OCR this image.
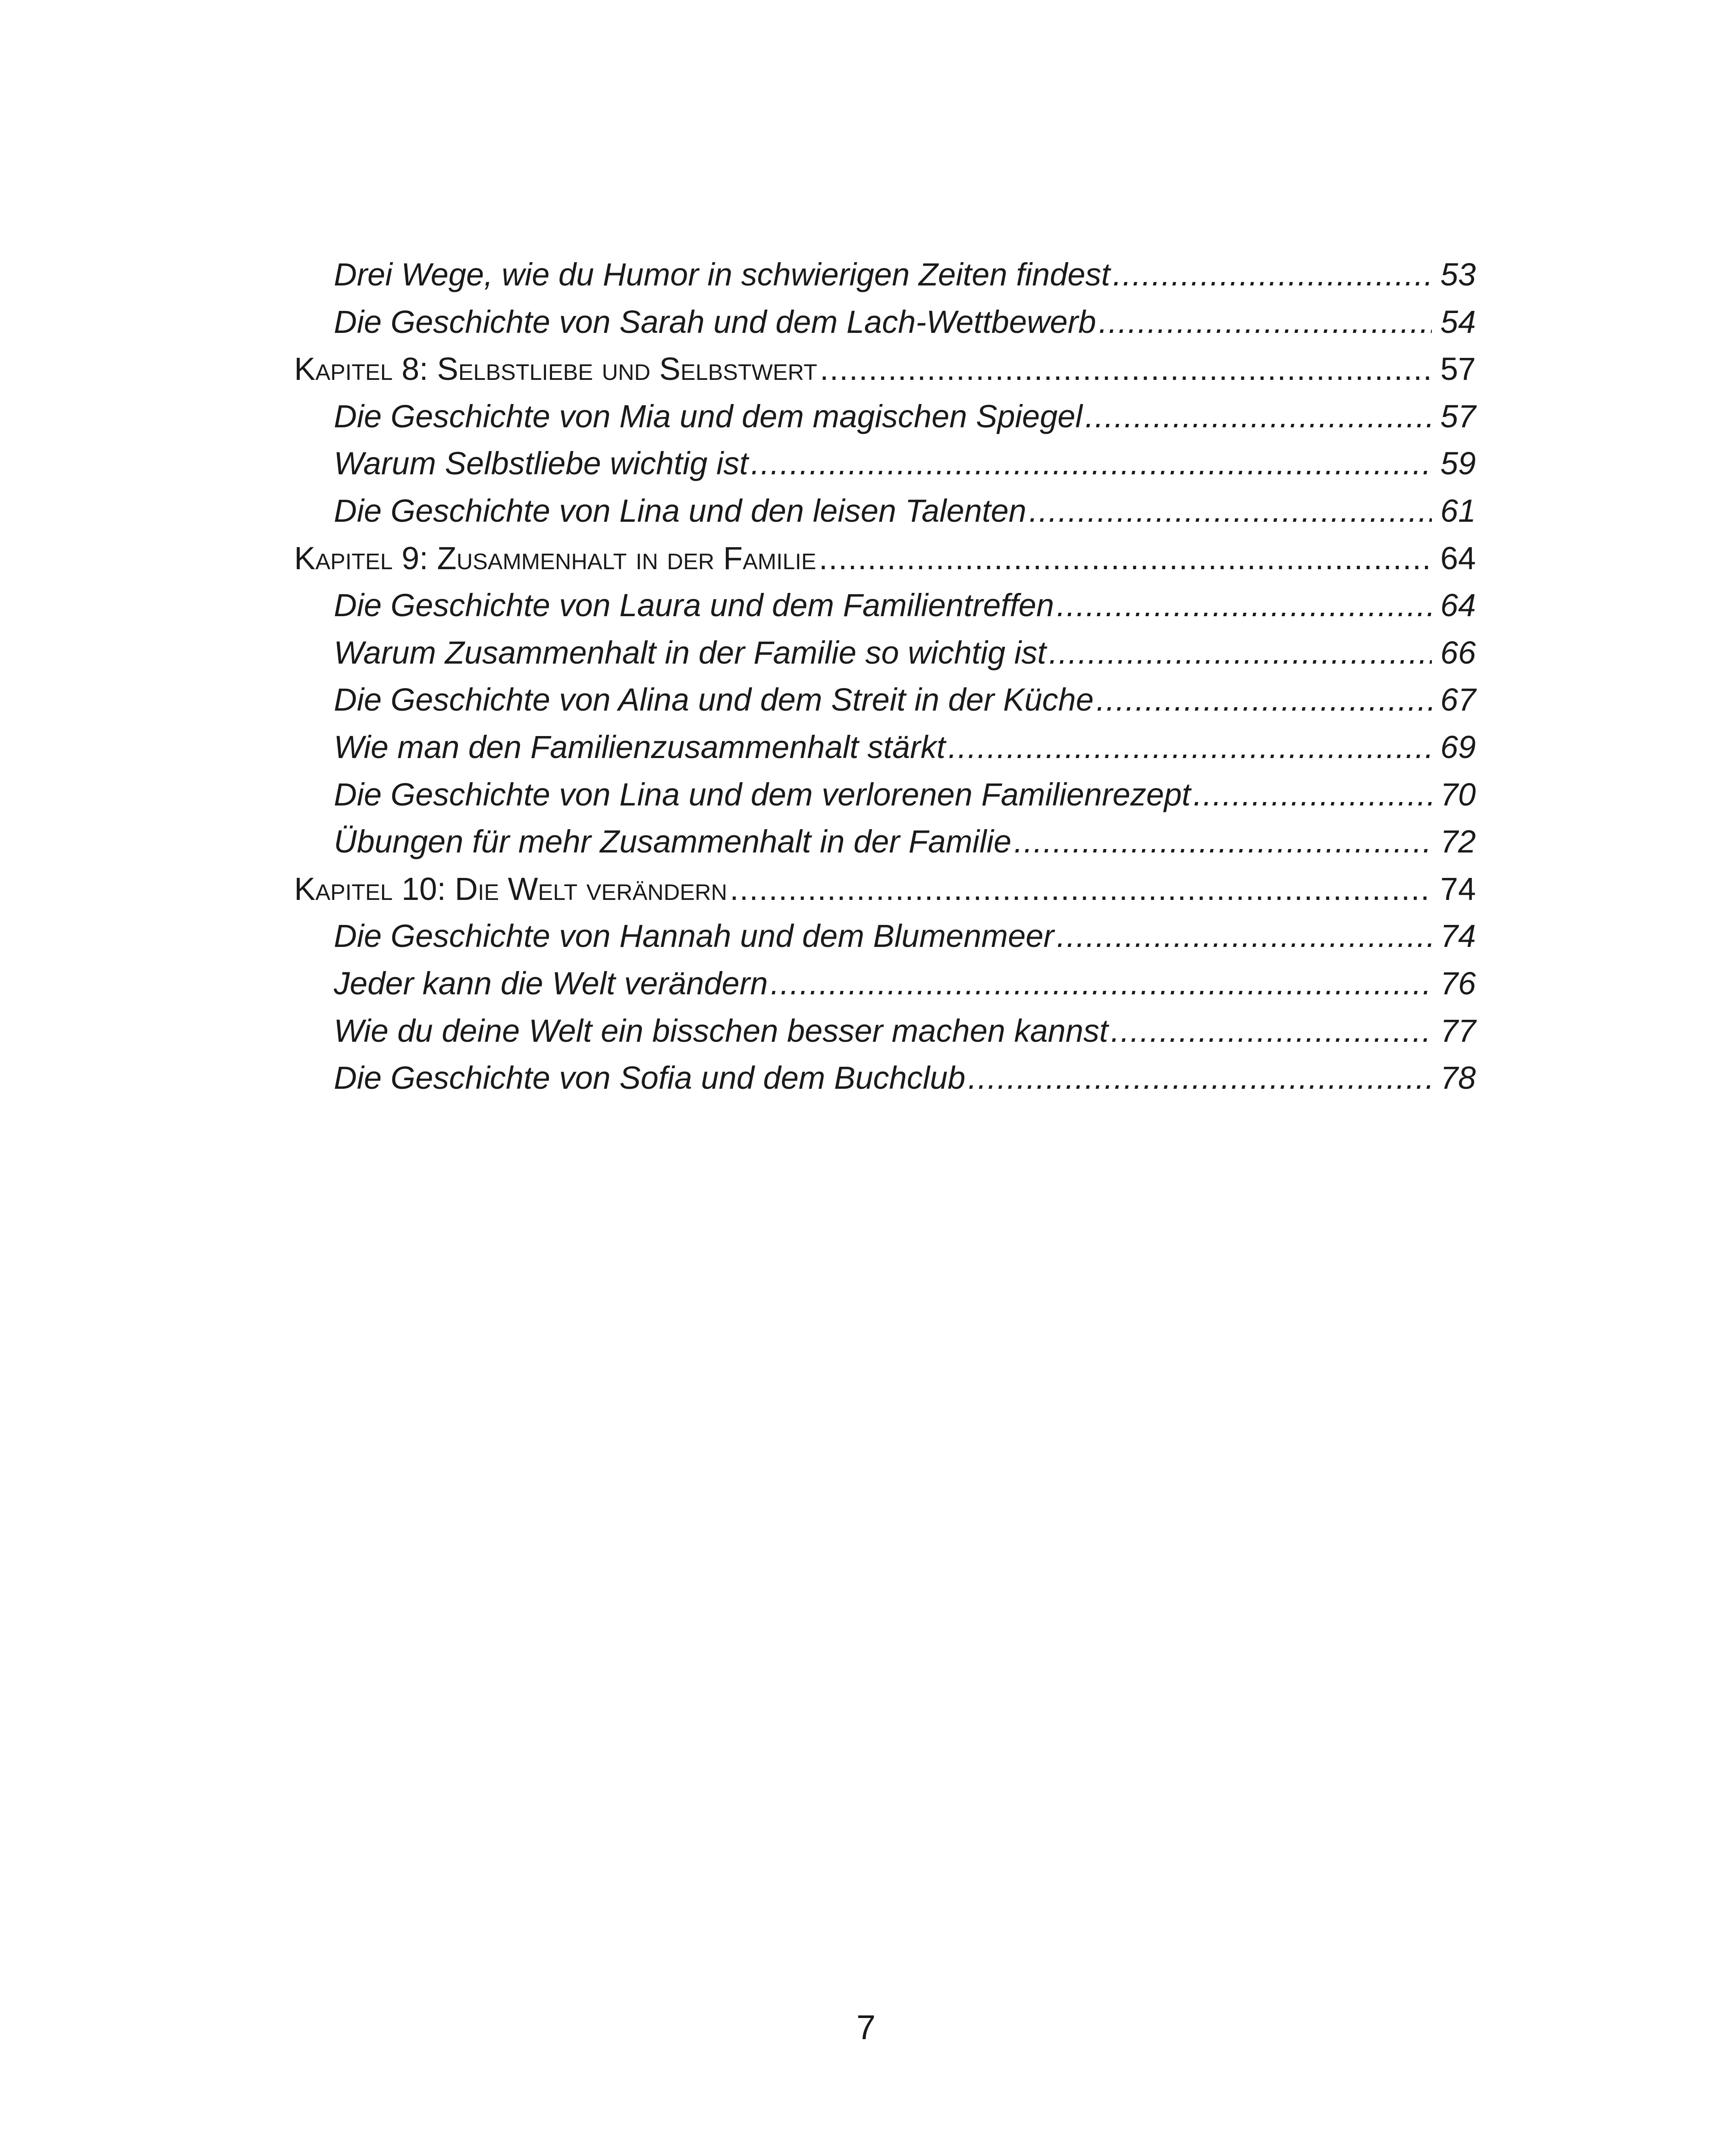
Drei Wege, wie du Humor in schwierigen Zeiten findest .....	53
Die Geschichte von Sarah und dem Lach-Wettbewerb .....	54
Kapitel 8: Selbstliebe und Selbstwert .....	57
Die Geschichte von Mia und dem magischen Spiegel .....	57
Warum Selbstliebe wichtig ist .....	59
Die Geschichte von Lina und den leisen Talenten .....	61
Kapitel 9: Zusammenhalt in der Familie .....	64
Die Geschichte von Laura und dem Familientreffen .....	64
Warum Zusammenhalt in der Familie so wichtig ist .....	66
Die Geschichte von Alina und dem Streit in der Küche .....	67
Wie man den Familienzusammenhalt stärkt .....	69
Die Geschichte von Lina und dem verlorenen Familienrezept .....	70
Übungen für mehr Zusammenhalt in der Familie .....	72
Kapitel 10: Die Welt verändern .....	74
Die Geschichte von Hannah und dem Blumenmeer .....	74
Jeder kann die Welt verändern .....	76
Wie du deine Welt ein bisschen besser machen kannst .....	77
Die Geschichte von Sofia und dem Buchclub .....	78
7
